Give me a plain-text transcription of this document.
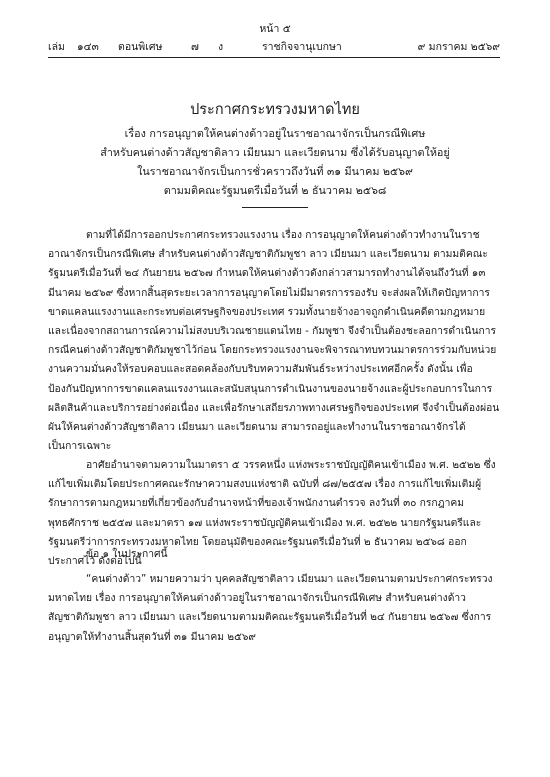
หน้า ๕
เล่ม ๑๔๓ ตอนพิเศษ	๗ ง	ราชกิจจานุเบกษา	๙ มกราคม ๒๕๖๙
ประกาศกระทรวงมหาดไทย
เรื่อง การอนุญาตให้คนต่างด้าวอยู่ในราชอาณาจักรเป็นกรณีพิเศษ
สำหรับคนต่างด้าวสัญชาติลาว เมียนมา และเวียดนาม ซึ่งได้รับอนุญาตให้อยู่
ในราชอาณาจักรเป็นการชั่วคราวถึงวันที่ ๓๑ มีนาคม ๒๕๖๙
ตามมติคณะรัฐมนตรีเมื่อวันที่ ๒ ธันวาคม ๒๕๖๘
ตามที่ได้มีการออกประกาศกระทรวงแรงงาน เรื่อง การอนุญาตให้คนต่างด้าวทำงานในราชอาณาจักรเป็นกรณีพิเศษ สำหรับคนต่างด้าวสัญชาติกัมพูชา ลาว เมียนมา และเวียดนาม ตามมติคณะรัฐมนตรีเมื่อวันที่ ๒๔ กันยายน ๒๕๖๗ กำหนดให้คนต่างด้าวดังกล่าวสามารถทำงานได้จนถึงวันที่ ๑๓ มีนาคม ๒๕๖๙ ซึ่งหากสิ้นสุดระยะเวลาการอนุญาตโดยไม่มีมาตรการรองรับ จะส่งผลให้เกิดปัญหาการขาดแคลนแรงงานและกระทบต่อเศรษฐกิจของประเทศ รวมทั้งนายจ้างอาจถูกดำเนินคดีตามกฎหมาย และเนื่องจากสถานการณ์ความไม่สงบบริเวณชายแดนไทย - กัมพูชา จึงจำเป็นต้องชะลอการดำเนินการกรณีคนต่างด้าวสัญชาติกัมพูชาไว้ก่อน โดยกระทรวงแรงงานจะพิจารณาทบทวนมาตรการร่วมกับหน่วยงานความมั่นคงให้รอบคอบและสอดคล้องกับบริบทความสัมพันธ์ระหว่างประเทศอีกครั้ง ดังนั้น เพื่อป้องกันปัญหาการขาดแคลนแรงงานและสนับสนุนการดำเนินงานของนายจ้างและผู้ประกอบการในการผลิตสินค้าและบริการอย่างต่อเนื่อง และเพื่อรักษาเสถียรภาพทางเศรษฐกิจของประเทศ จึงจำเป็นต้องผ่อนผันให้คนต่างด้าวสัญชาติลาว เมียนมา และเวียดนาม สามารถอยู่และทำงานในราชอาณาจักรได้เป็นการเฉพาะ
อาศัยอำนาจตามความในมาตรา ๕ วรรคหนึ่ง แห่งพระราชบัญญัติคนเข้าเมือง พ.ศ. ๒๕๒๒ ซึ่งแก้ไขเพิ่มเติมโดยประกาศคณะรักษาความสงบแห่งชาติ ฉบับที่ ๘๗/๒๕๕๗ เรื่อง การแก้ไขเพิ่มเติมผู้รักษาการตามกฎหมายที่เกี่ยวข้องกับอำนาจหน้าที่ของเจ้าพนักงานตำรวจ ลงวันที่ ๓๐ กรกฎาคม พุทธศักราช ๒๕๕๗ และมาตรา ๑๗ แห่งพระราชบัญญัติคนเข้าเมือง พ.ศ. ๒๕๒๒ นายกรัฐมนตรีและรัฐมนตรีว่าการกระทรวงมหาดไทย โดยอนุมัติของคณะรัฐมนตรีเมื่อวันที่ ๒ ธันวาคม ๒๕๖๘ ออกประกาศไว้ ดังต่อไปนี้
ข้อ ๑ ในประกาศนี้
“คนต่างด้าว” หมายความว่า บุคคลสัญชาติลาว เมียนมา และเวียดนามตามประกาศกระทรวงมหาดไทย เรื่อง การอนุญาตให้คนต่างด้าวอยู่ในราชอาณาจักรเป็นกรณีพิเศษ สำหรับคนต่างด้าวสัญชาติกัมพูชา ลาว เมียนมา และเวียดนามตามมติคณะรัฐมนตรีเมื่อวันที่ ๒๔ กันยายน ๒๕๖๗ ซึ่งการอนุญาตให้ทำงานสิ้นสุดวันที่ ๓๑ มีนาคม ๒๕๖๙
